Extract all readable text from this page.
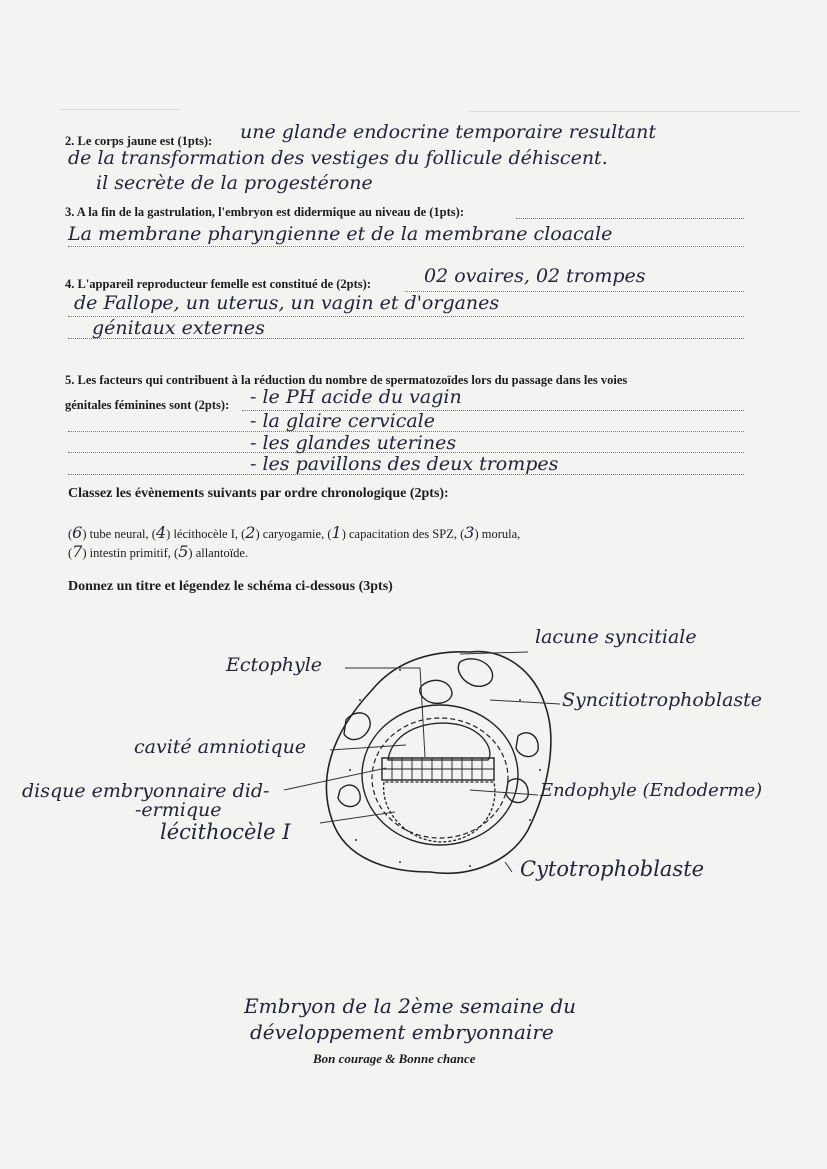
2. Le corps jaune est (1pts): une glande endocrine temporaire resultant
de la transformation des vestiges du follicule déhiscent.
il secrète de la progestérone
3. A la fin de la gastrulation, l'embryon est didermique au niveau de (1pts):
La membrane pharyngienne et de la membrane cloacale
4. L'appareil reproducteur femelle est constitué de (2pts):	02 ovaires, 02 trompes
de Fallope, un uterus, un vagin et d'organes
génitaux externes
5. Les facteurs qui contribuent à la réduction du nombre de spermatozoïdes lors du passage dans les voies
génitales féminines sont (2pts): - le PH acide du vagin
- la glaire cervicale
- les glandes uterines
- les pavillons des deux trompes
Classez les évènements suivants par ordre chronologique (2pts):
(6) tube neural, (4) lécithocèle I, (2) caryogamie, (1) capacitation des SPZ, (3) morula,
(7) intestin primitif, (5) allantoïde.
Donnez un titre et légendez le schéma ci-dessous (3pts)
lacune syncitiale
Ectophyle
Syncitiotrophoblaste
cavité amniotique
disque embryonnaire did-
-ermique
Endophyle (Endoderme)
lécithocèle I
Cytotrophoblaste
Embryon de la 2ème semaine du
développement embryonnaire
Bon courage & Bonne chance
